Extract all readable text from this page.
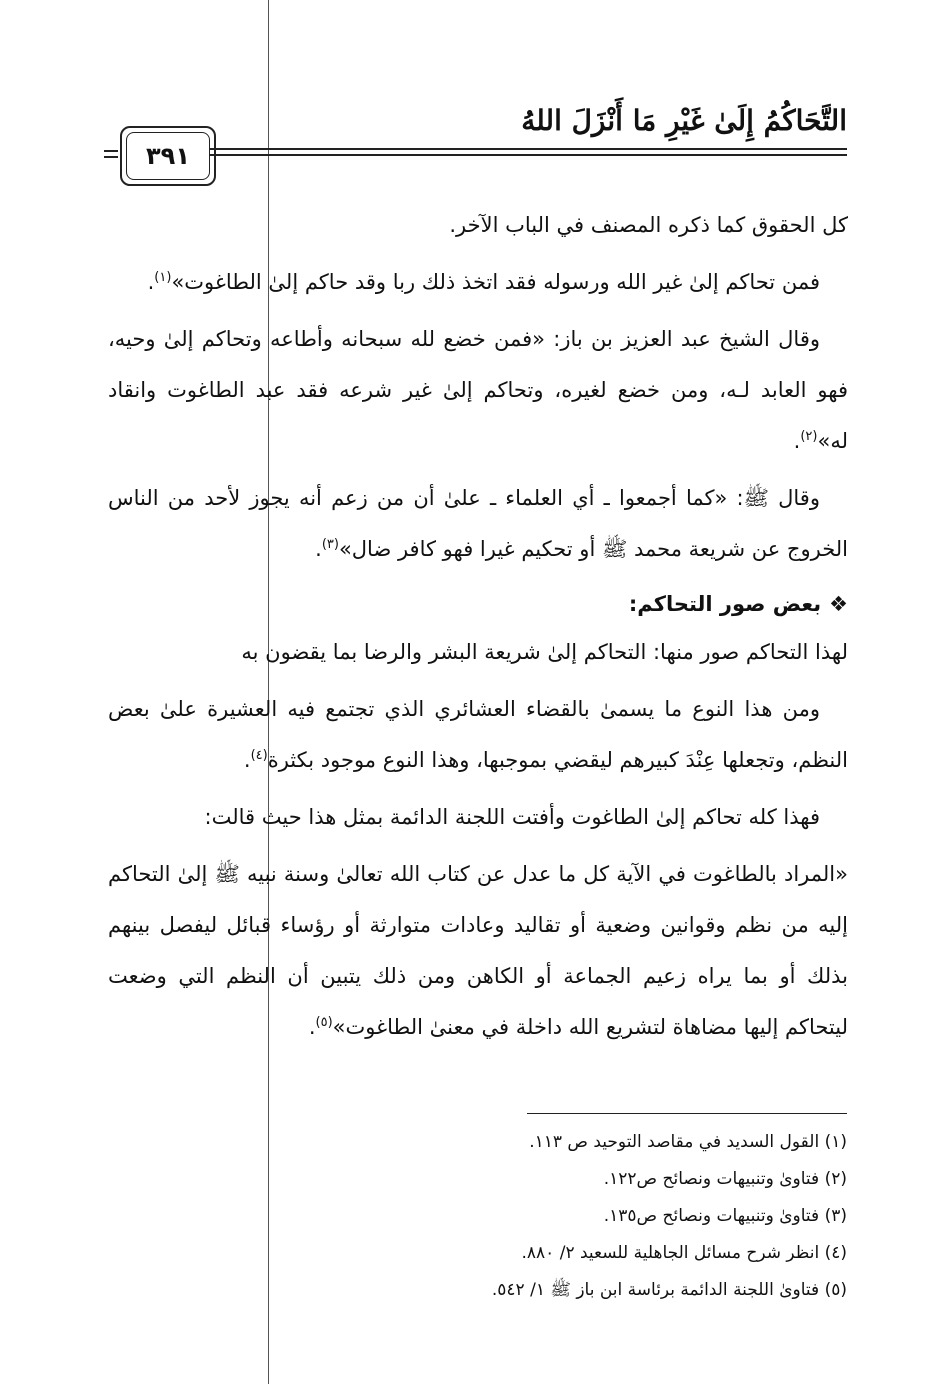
التَّحَاكُمُ إِلَىٰ غَيْرِ مَا أَنْزَلَ اللهُ
٣٩١

كل الحقوق كما ذكره المصنف في الباب الآخر.

فمن تحاكم إلىٰ غير الله ورسوله فقد اتخذ ذلك ربا وقد حاكم إلىٰ الطاغوت»$^{(١)}$.

وقال الشيخ عبد العزيز بن باز: «فمن خضع لله سبحانه وأطاعه وتحاكم إلىٰ وحيه، فهو العابد لـه، ومن خضع لغيره، وتحاكم إلىٰ غير شرعه فقد عبد الطاغوت وانقاد له»$^{(٢)}$.

وقال ﷺ: «كما أجمعوا ـ أي العلماء ـ علىٰ أن من زعم أنه يجوز لأحد من الناس الخروج عن شريعة محمد ﷺ أو تحكيم غيرا فهو كافر ضال»$^{(٣)}$.

❖بعض صور التحاكم:

لهذا التحاكم صور منها: التحاكم إلىٰ شريعة البشر والرضا بما يقضون به

ومن هذا النوع ما يسمىٰ بالقضاء العشائري الذي تجتمع فيه العشيرة علىٰ بعض النظم، وتجعلها عِنْدَ كبيرهم ليقضي بموجبها، وهذا النوع موجود بكثرة$^{(٤)}$.

فهذا كله تحاكم إلىٰ الطاغوت وأفتت اللجنة الدائمة بمثل هذا حيث قالت:

«المراد بالطاغوت في الآية كل ما عدل عن كتاب الله تعالىٰ وسنة نبيه ﷺ إلىٰ التحاكم إليه من نظم وقوانين وضعية أو تقاليد وعادات متوارثة أو رؤساء قبائل ليفصل بينهم بذلك أو بما يراه زعيم الجماعة أو الكاهن ومن ذلك يتبين أن النظم التي وضعت ليتحاكم إليها مضاهاة لتشريع الله داخلة في معنىٰ الطاغوت»$^{(٥)}$.

(١) القول السديد في مقاصد التوحيد ص ١١٣.
(٢) فتاوىٰ وتنبيهات ونصائح ص١٢٢.
(٣) فتاوىٰ وتنبيهات ونصائح ص١٣٥.
(٤) انظر شرح مسائل الجاهلية للسعيد ٢/ ٨٨٠.
(٥) فتاوىٰ اللجنة الدائمة برئاسة ابن باز ﷺ ١/ ٥٤٢.
